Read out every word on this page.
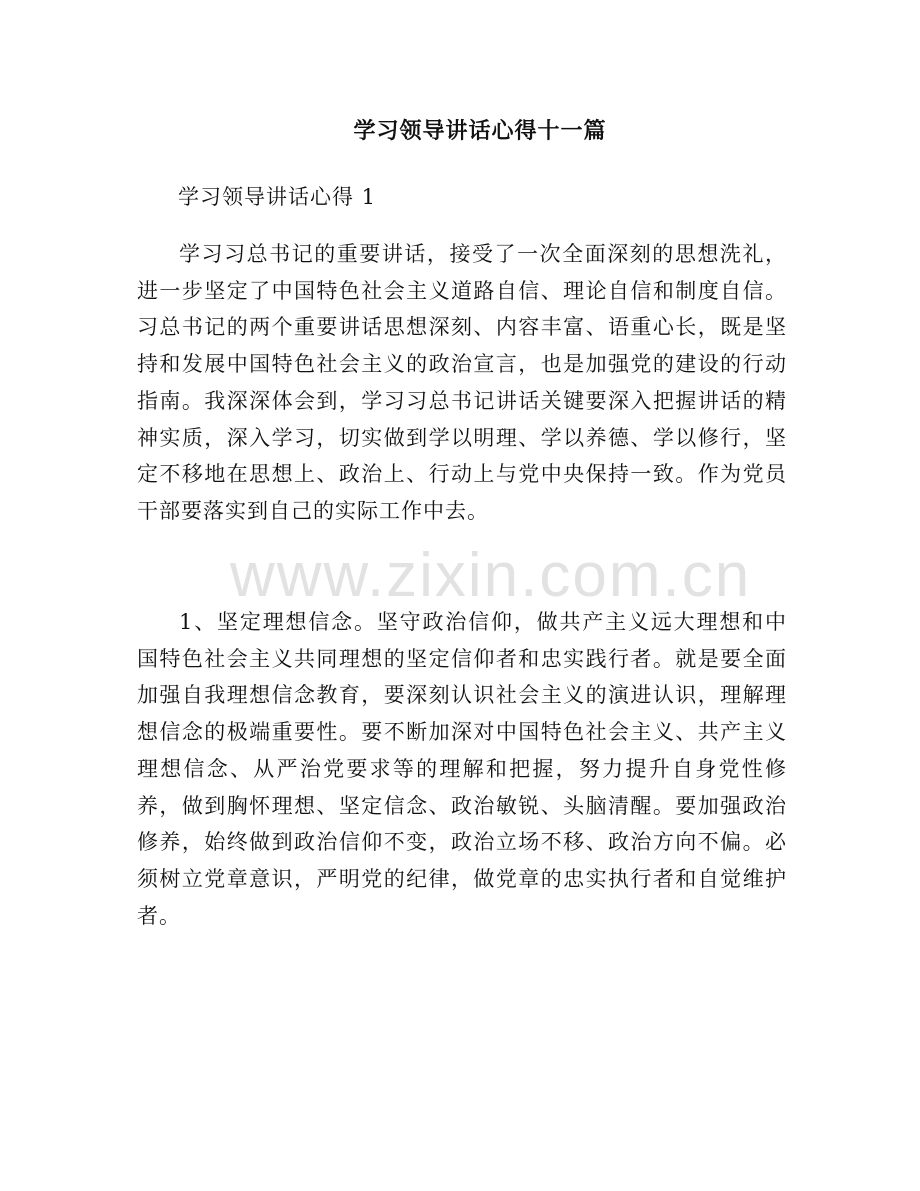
学习领导讲话心得十一篇

学习领导讲话心得 1

学习习总书记的重要讲话，接受了一次全面深刻的思想洗礼，进一步坚定了中国特色社会主义道路自信、理论自信和制度自信。习总书记的两个重要讲话思想深刻、内容丰富、语重心长，既是坚持和发展中国特色社会主义的政治宣言，也是加强党的建设的行动指南。我深深体会到，学习习总书记讲话关键要深入把握讲话的精神实质，深入学习，切实做到学以明理、学以养德、学以修行，坚定不移地在思想上、政治上、行动上与党中央保持一致。作为党员干部要落实到自己的实际工作中去。

1、坚定理想信念。坚守政治信仰，做共产主义远大理想和中国特色社会主义共同理想的坚定信仰者和忠实践行者。就是要全面加强自我理想信念教育，要深刻认识社会主义的演进认识，理解理想信念的极端重要性。要不断加深对中国特色社会主义、共产主义理想信念、从严治党要求等的理解和把握，努力提升自身党性修养，做到胸怀理想、坚定信念、政治敏锐、头脑清醒。要加强政治修养，始终做到政治信仰不变，政治立场不移、政治方向不偏。必须树立党章意识，严明党的纪律，做党章的忠实执行者和自觉维护者。

www.zixin.com.cn
